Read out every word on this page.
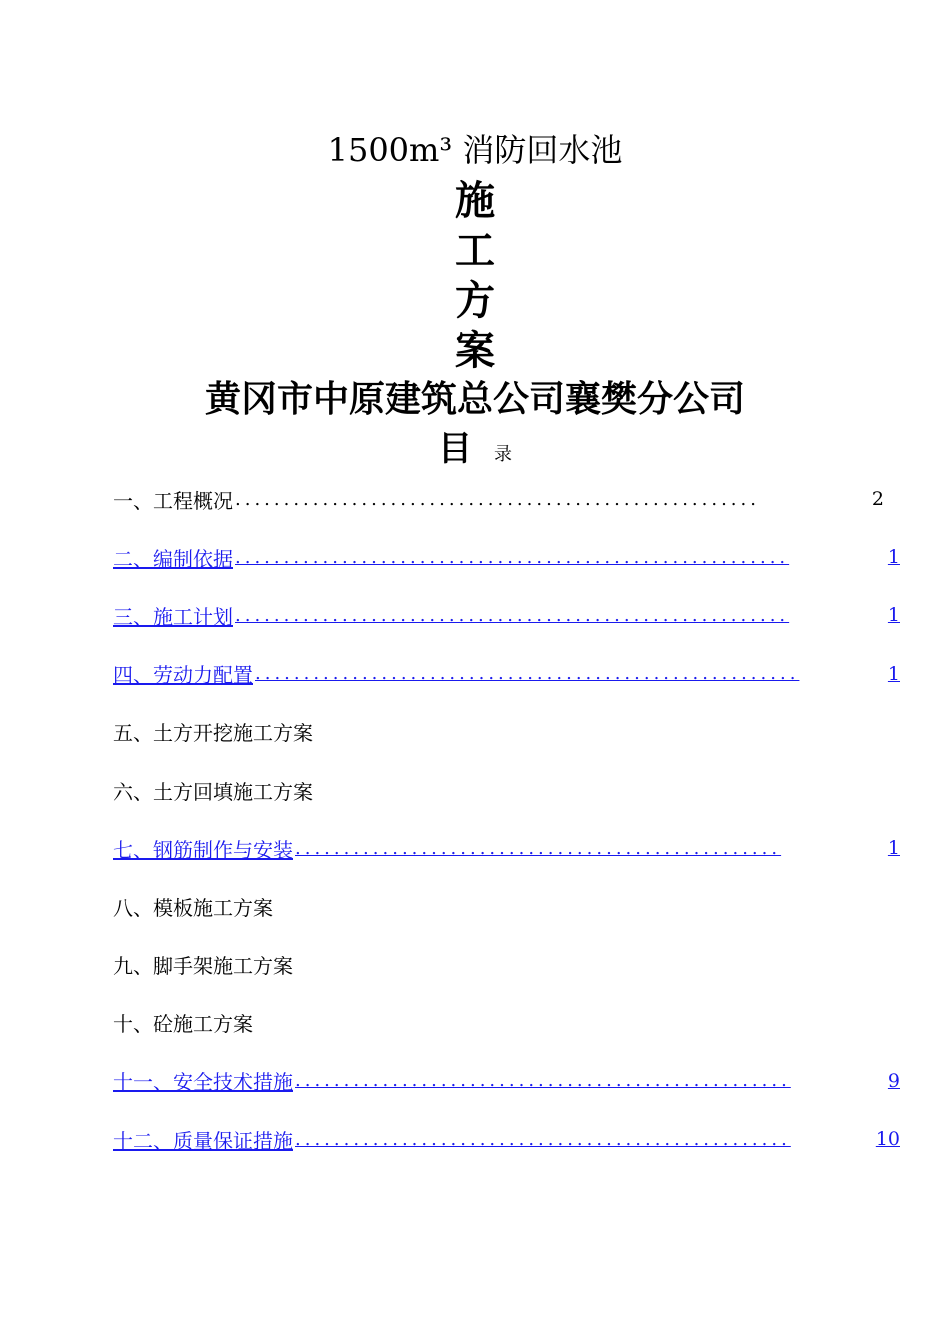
1500m³ 消防回水池
施
工
方
案
黄冈市中原建筑总公司襄樊分公司
目 录
一、工程概况 ......................................................	2
二、编制依据 .........................................................	1
三、施工计划 .........................................................	1
四、劳动力配置 ........................................................	1
五、土方开挖施工方案
六、土方回填施工方案
七、钢筋制作与安装 ..................................................	1
八、模板施工方案
九、脚手架施工方案
十、砼施工方案
十一、安全技术措施 ...................................................	9
十二、质量保证措施 ...................................................	10
